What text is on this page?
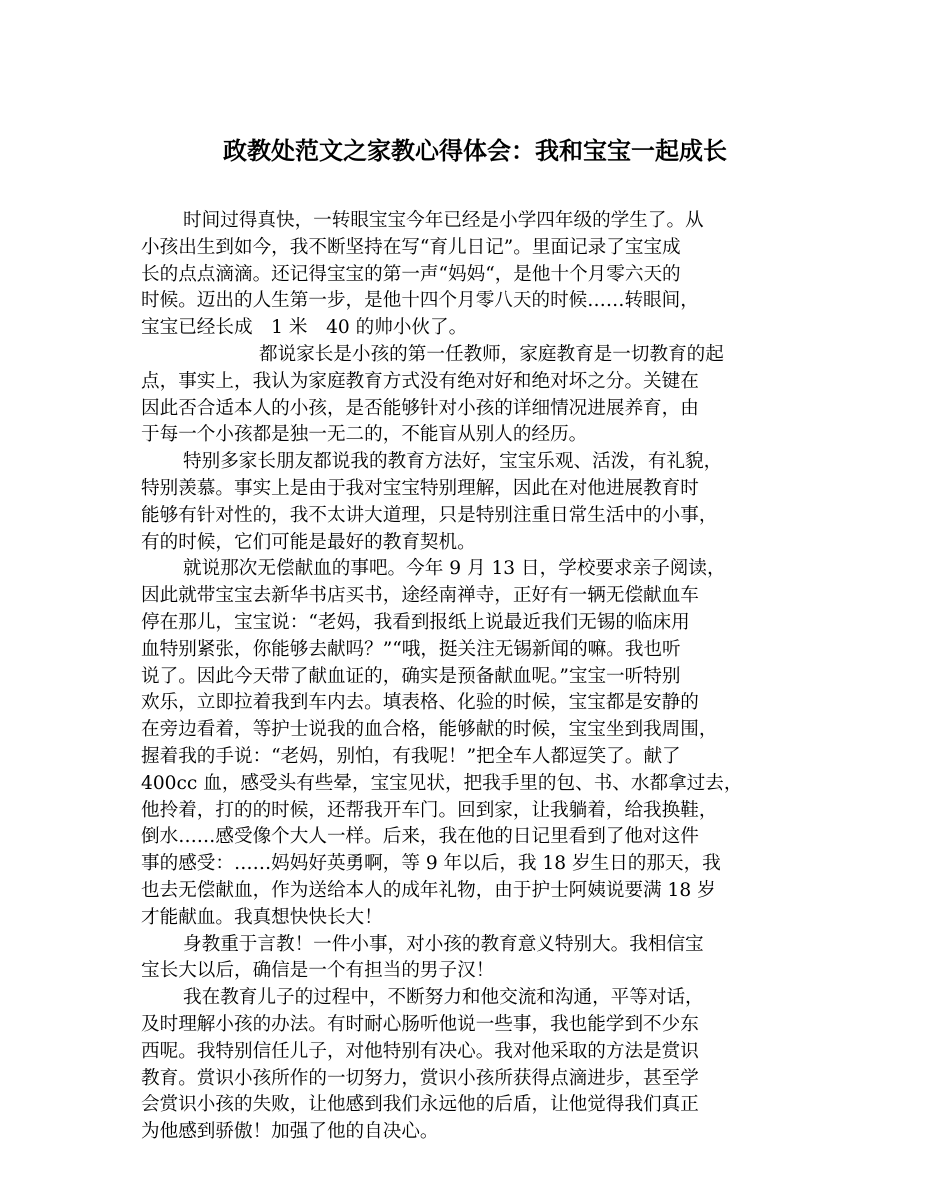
政教处范文之家教心得体会：我和宝宝一起成长
时间过得真快，一转眼宝宝今年已经是小学四年级的学生了。从
小孩出生到如今，我不断坚持在写“育儿日记”。里面记录了宝宝成
长的点点滴滴。还记得宝宝的第一声“妈妈“，是他十个月零六天的
时候。迈出的人生第一步，是他十四个月零八天的时候……转眼间，
宝宝已经长成　1 米　40 的帅小伙了。
都说家长是小孩的第一任教师，家庭教育是一切教育的起
点，事实上，我认为家庭教育方式没有绝对好和绝对坏之分。关键在
因此否合适本人的小孩，是否能够针对小孩的详细情况进展养育，由
于每一个小孩都是独一无二的，不能盲从别人的经历。
特别多家长朋友都说我的教育方法好，宝宝乐观、活泼，有礼貌，
特别羡慕。事实上是由于我对宝宝特别理解，因此在对他进展教育时
能够有针对性的，我不太讲大道理，只是特别注重日常生活中的小事，
有的时候，它们可能是最好的教育契机。
就说那次无偿献血的事吧。今年 9 月 13 日，学校要求亲子阅读，
因此就带宝宝去新华书店买书，途经南禅寺，正好有一辆无偿献血车
停在那儿，宝宝说：“老妈，我看到报纸上说最近我们无锡的临床用
血特别紧张，你能够去献吗？”“哦，挺关注无锡新闻的嘛。我也听
说了。因此今天带了献血证的，确实是预备献血呢。”宝宝一听特别
欢乐，立即拉着我到车内去。填表格、化验的时候，宝宝都是安静的
在旁边看着，等护士说我的血合格，能够献的时候，宝宝坐到我周围，
握着我的手说：“老妈，别怕，有我呢！”把全车人都逗笑了。献了
400cc 血，感受头有些晕，宝宝见状，把我手里的包、书、水都拿过去，
他拎着，打的的时候，还帮我开车门。回到家，让我躺着，给我换鞋，
倒水……感受像个大人一样。后来，我在他的日记里看到了他对这件
事的感受：……妈妈好英勇啊，等 9 年以后，我 18 岁生日的那天，我
也去无偿献血，作为送给本人的成年礼物，由于护士阿姨说要满 18 岁
才能献血。我真想快快长大！
身教重于言教！一件小事，对小孩的教育意义特别大。我相信宝
宝长大以后，确信是一个有担当的男子汉！
我在教育儿子的过程中，不断努力和他交流和沟通，平等对话，
及时理解小孩的办法。有时耐心肠听他说一些事，我也能学到不少东
西呢。我特别信任儿子，对他特别有决心。我对他采取的方法是赏识
教育。赏识小孩所作的一切努力，赏识小孩所获得点滴进步，甚至学
会赏识小孩的失败，让他感到我们永远他的后盾，让他觉得我们真正
为他感到骄傲！加强了他的自决心。
